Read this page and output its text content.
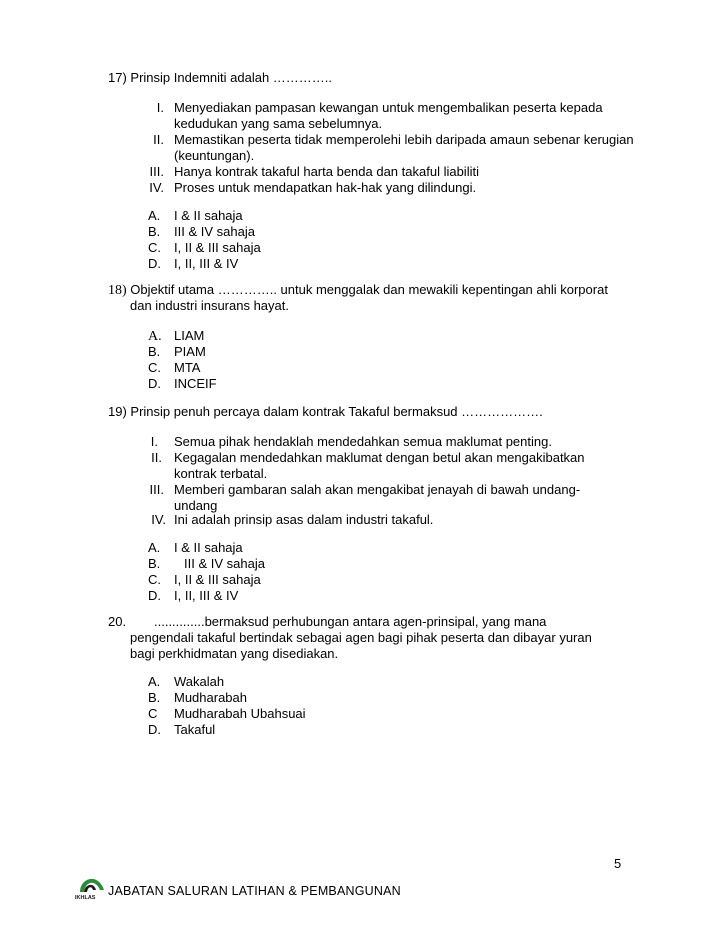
17) Prinsip Indemniti adalah …………..
I. Menyediakan pampasan kewangan untuk mengembalikan peserta kepada kedudukan yang sama sebelumnya.
II. Memastikan peserta tidak memperolehi lebih daripada amaun sebenar kerugian (keuntungan).
III. Hanya kontrak takaful harta benda dan takaful liabiliti
IV. Proses untuk mendapatkan hak-hak yang dilindungi.
A. I & II sahaja
B. III & IV sahaja
C. I, II & III sahaja
D. I, II, III & IV
18) Objektif utama ………….. untuk menggalak dan mewakili kepentingan ahli korporat
dan industri insurans hayat.
A. LIAM
B. PIAM
C. MTA
D. INCEIF
19) Prinsip penuh percaya dalam kontrak Takaful bermaksud ……………….
I. Semua pihak hendaklah mendedahkan semua maklumat penting.
II. Kegagalan mendedahkan maklumat dengan betul akan mengakibatkan kontrak terbatal.
III. Memberi gambaran salah akan mengakibat jenayah di bawah undang-undang
IV. Ini adalah prinsip asas dalam industri takaful.
A. I & II sahaja
B. III & IV sahaja
C. I, II & III sahaja
D. I, II, III & IV
20. ..............bermaksud perhubungan antara agen-prinsipal, yang mana
pengendali takaful bertindak sebagai agen bagi pihak peserta dan dibayar yuran
bagi perkhidmatan yang disediakan.
A. Wakalah
B. Mudharabah
C Mudharabah Ubahsuai
D. Takaful
5
IKHLAS JABATAN SALURAN LATIHAN & PEMBANGUNAN
